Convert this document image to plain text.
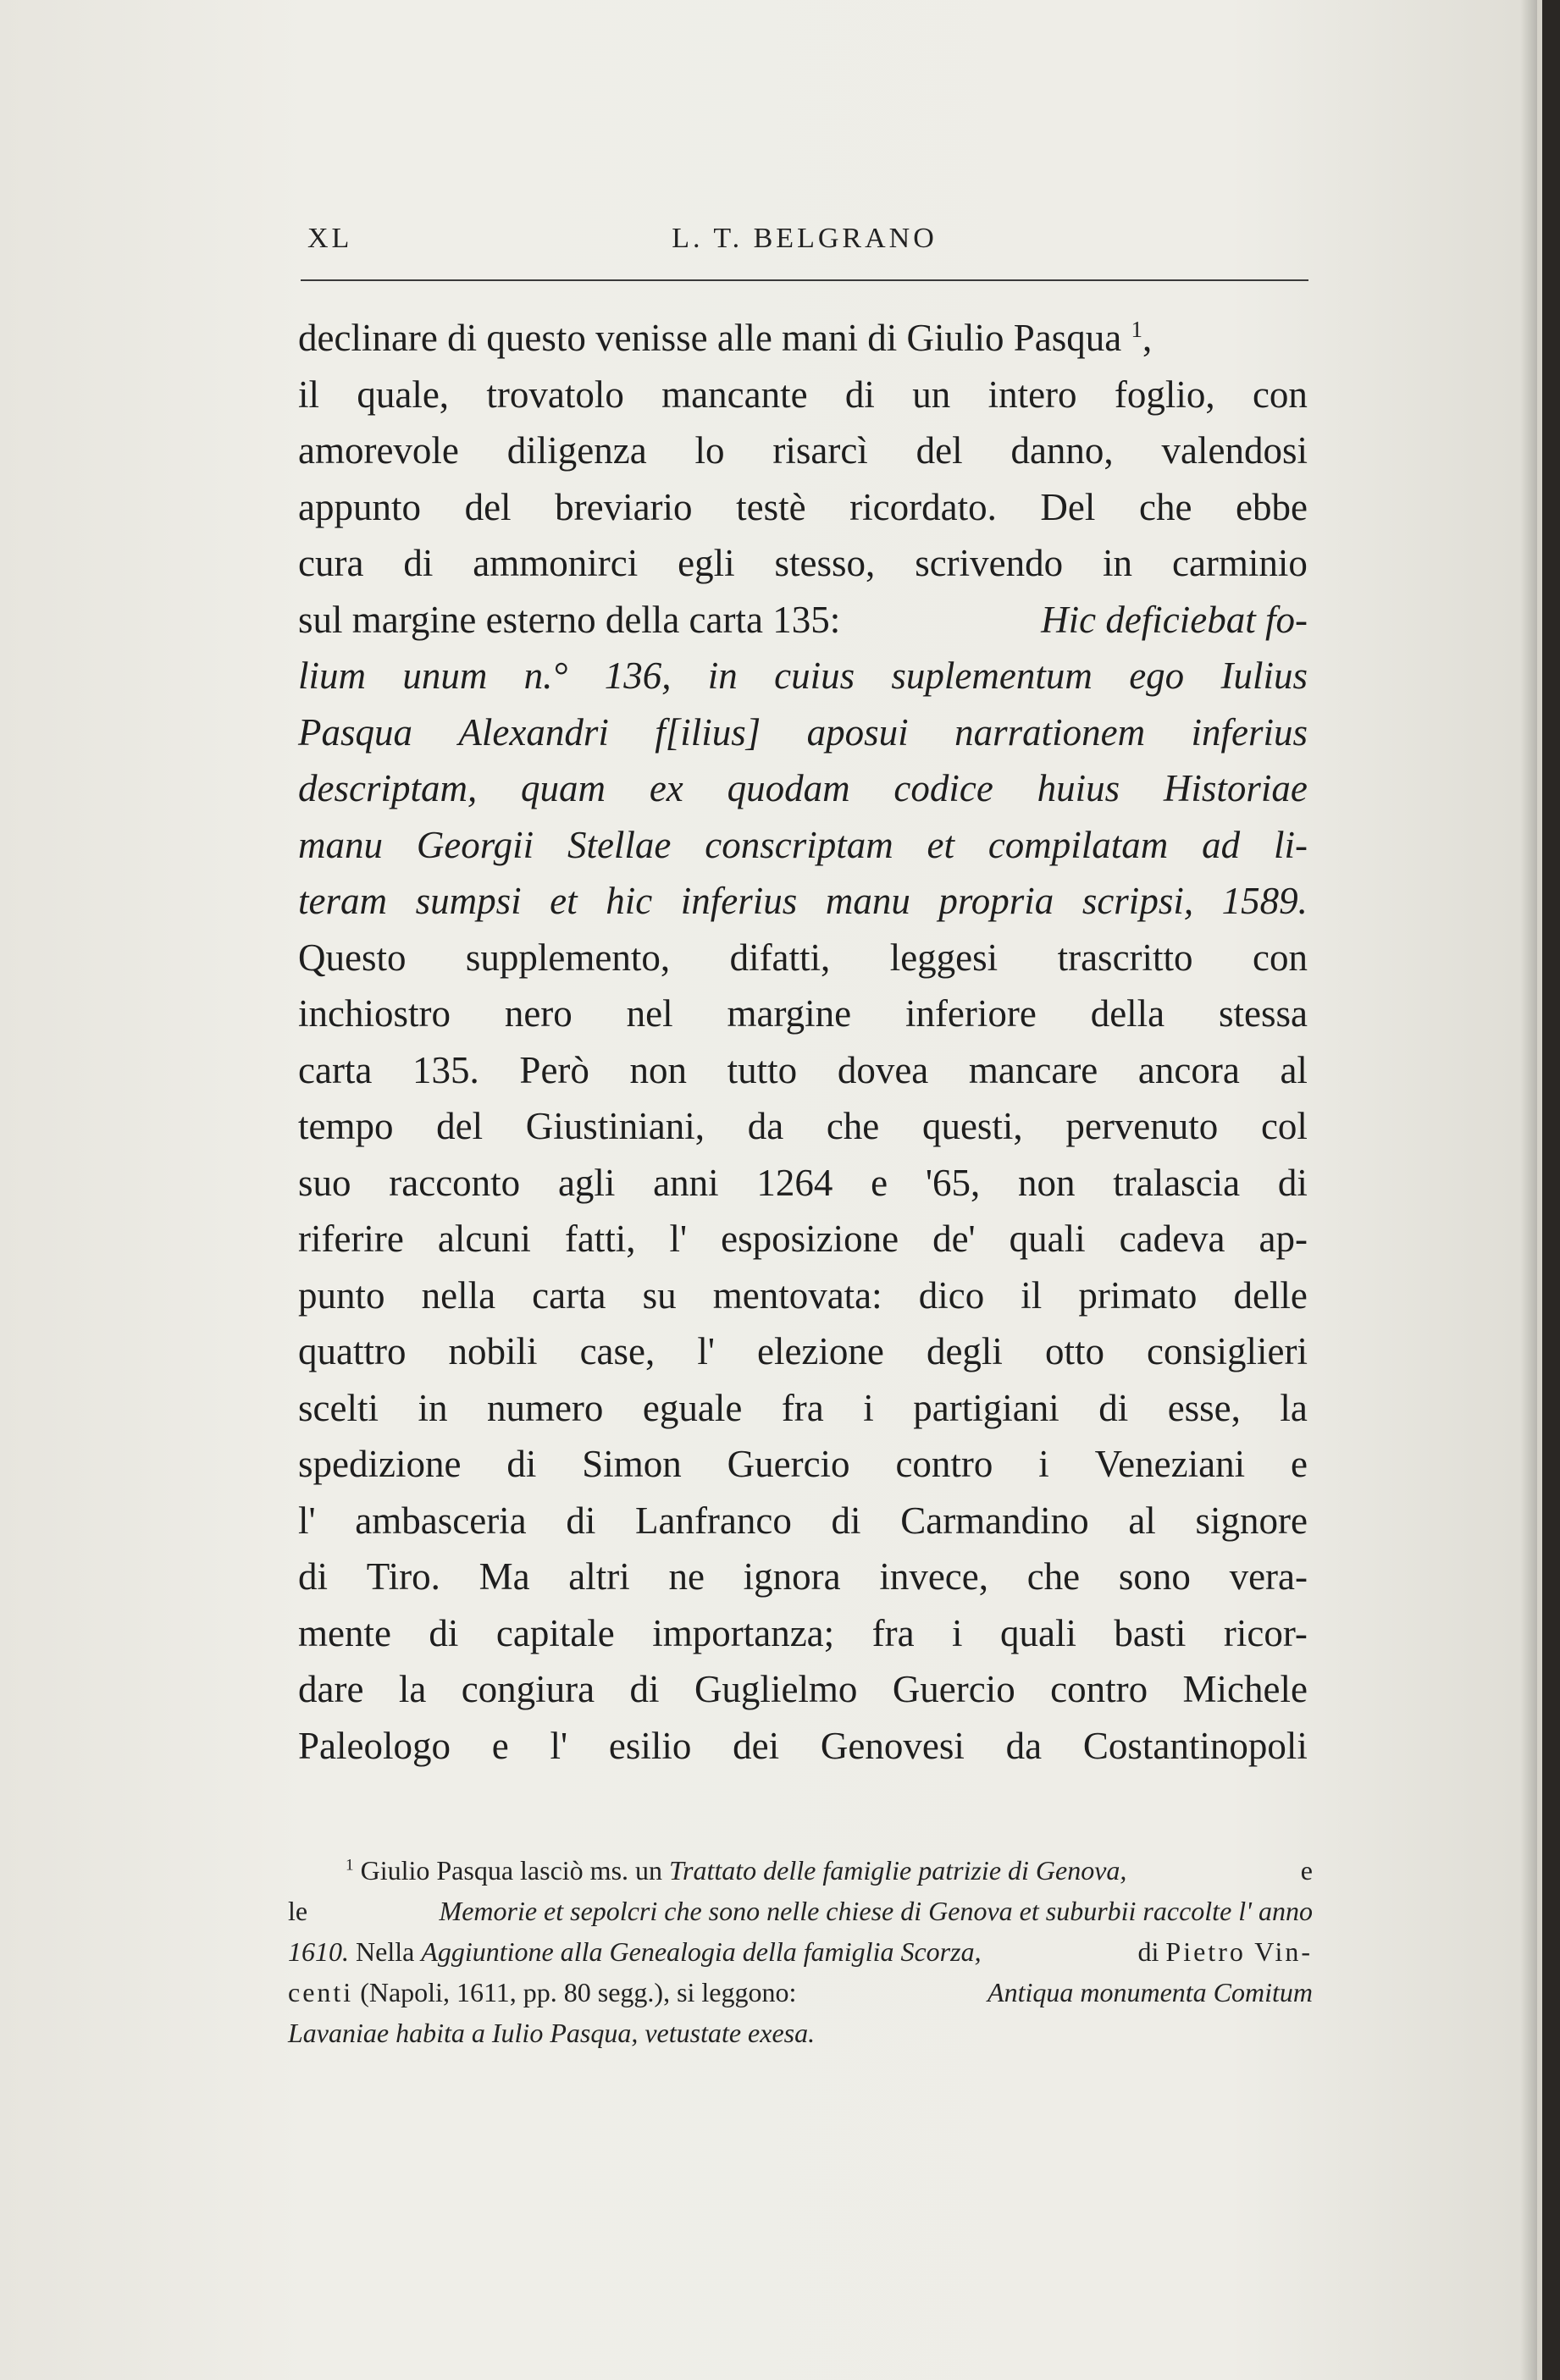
XL	L. T. BELGRANO
declinare di questo venisse alle mani di Giulio Pasqua $^1$,
il quale, trovatolo mancante di un intero foglio, con
amorevole diligenza lo risarcì del danno, valendosi
appunto del breviario testè ricordato. Del che ebbe
cura di ammonirci egli stesso, scrivendo in carminio
sul margine esterno della carta 135:	Hic deficiebat fo-
lium unum n.° 136, in cuius suplementum ego Iulius
Pasqua Alexandri f[ilius] aposui narrationem inferius
descriptam, quam ex quodam codice huius Historiae
manu Georgii Stellae conscriptam et compilatam ad li-
teram sumpsi et hic inferius manu propria scripsi, 1589.
Questo supplemento, difatti, leggesi trascritto con
inchiostro nero nel margine inferiore della stessa
carta 135. Però non tutto dovea mancare ancora al
tempo del Giustiniani, da che questi, pervenuto col
suo racconto agli anni 1264 e '65, non tralascia di
riferire alcuni fatti, l' esposizione de' quali cadeva ap-
punto nella carta su mentovata: dico il primato delle
quattro nobili case, l' elezione degli otto consiglieri
scelti in numero eguale fra i partigiani di esse, la
spedizione di Simon Guercio contro i Veneziani e
l' ambasceria di Lanfranco di Carmandino al signore
di Tiro. Ma altri ne ignora invece, che sono vera-
mente di capitale importanza; fra i quali basti ricor-
dare la congiura di Guglielmo Guercio contro Michele
Paleologo e l' esilio dei Genovesi da Costantinopoli
$^1$ Giulio Pasqua lasciò ms. un Trattato delle famiglie patrizie di Genova,	e
le	Memorie et sepolcri che sono nelle chiese di Genova et suburbii raccolte l' anno
1610. Nella Aggiuntione alla Genealogia della famiglia Scorza,	di Pietro Vin-
centi (Napoli, 1611, pp. 80 segg.), si leggono:	Antiqua monumenta Comitum
Lavaniae habita a Iulio Pasqua, vetustate exesa.
